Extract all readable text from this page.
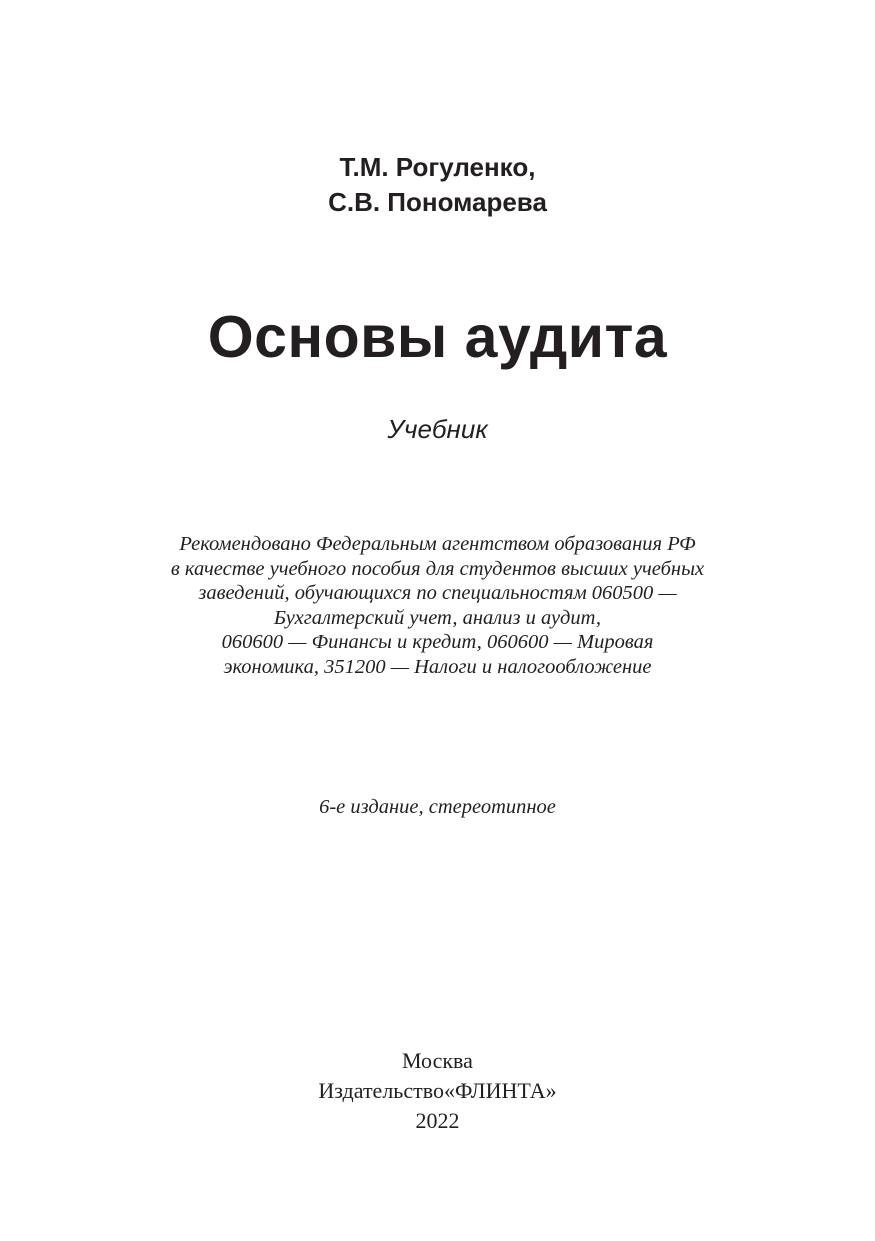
Т.М. Рогуленко,
С.В. Пономарева
Основы аудита
Учебник
Рекомендовано Федеральным агентством образования РФ
в качестве учебного пособия для студентов высших учебных
заведений, обучающихся по специальностям 060500 —
Бухгалтерский учет, анализ и аудит,
060600 — Финансы и кредит, 060600 — Мировая
экономика, 351200 — Налоги и налогообложение
6-е издание, стереотипное
Москва
Издательство«ФЛИНТА»
2022
